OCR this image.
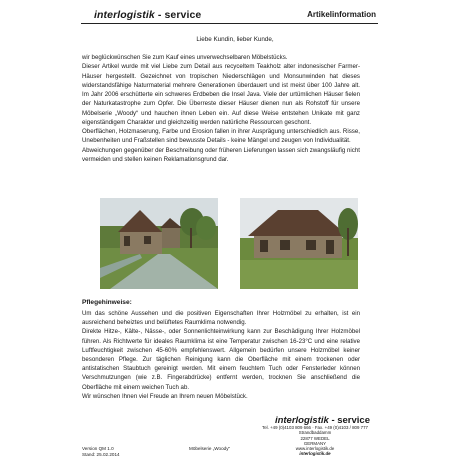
interlogistik - service	Artikelinformation
Liebe Kundin, lieber Kunde,

wir beglückwünschen Sie zum Kauf eines unverwechselbaren Möbelstücks.

Dieser Artikel wurde mit viel Liebe zum Detail aus recyceltem Teakholz alter indonesischer Farmer-Häuser hergestellt. Gezeichnet von tropischen Niederschlägen und Monsunwinden hat dieses widerstandsfähige Naturmaterial mehrere Generationen überdauert und ist meist über 100 Jahre alt. Im Jahr 2006 erschütterte ein schweres Erdbeben die Insel Java. Viele der urtümlichen Häuser fielen der Naturkatastrophe zum Opfer. Die Überreste dieser Häuser dienen nun als Rohstoff für unsere Möbelserie „Woody“ und hauchen ihnen Leben ein. Auf diese Weise entstehen Unikate mit ganz eigenständigem Charakter und gleichzeitig werden natürliche Ressourcen geschont.

Oberflächen, Holzmaserung, Farbe und Erosion fallen in ihrer Ausprägung unterschiedlich aus. Risse, Unebenheiten und Fraßstellen sind bewusste Details - keine Mängel und zeugen von Individualität.

Abweichungen gegenüber der Beschreibung oder früheren Lieferungen lassen sich zwangsläufig nicht vermeiden und stellen keinen Reklamationsgrund dar.

Pflegehinweise:

Um das schöne Aussehen und die positiven Eigenschaften Ihrer Holzmöbel zu erhalten, ist ein ausreichend beheiztes und belüftetes Raumklima notwendig.

Direkte Hitze-, Kälte-, Nässe-, oder Sonnenlichteinwirkung kann zur Beschädigung Ihrer Holzmöbel führen. Als Richtwerte für ideales Raumklima ist eine Temperatur zwischen 16-23°C und eine relative Luftfeuchtigkeit zwischen 45-60% empfehlenswert. Allgemein bedürfen unsere Holzmöbel keiner besonderen Pflege. Zur täglichen Reinigung kann die Oberfläche mit einem trockenen oder antistatischen Staubtuch gereinigt werden. Mit einem feuchtem Tuch oder Fensterleder können Verschmutzungen (wie z.B. Fingerabdrücke) entfernt werden, trocknen Sie anschließend die Oberfläche mit einem weichen Tuch ab.

Wir wünschen Ihnen viel Freude an Ihrem neuen Möbelstück.

interlogistik - service
Tel. +49 (0)4103 809 666 · Fax. +49 (0)4103 / 809 777
Strandbaddamm
22877 WEDEL
GERMANY
www.interlogistik.de
interlogistik.de
Version QM 1.0
Stand: 25.02.2014
Möbelserie „Woody“
